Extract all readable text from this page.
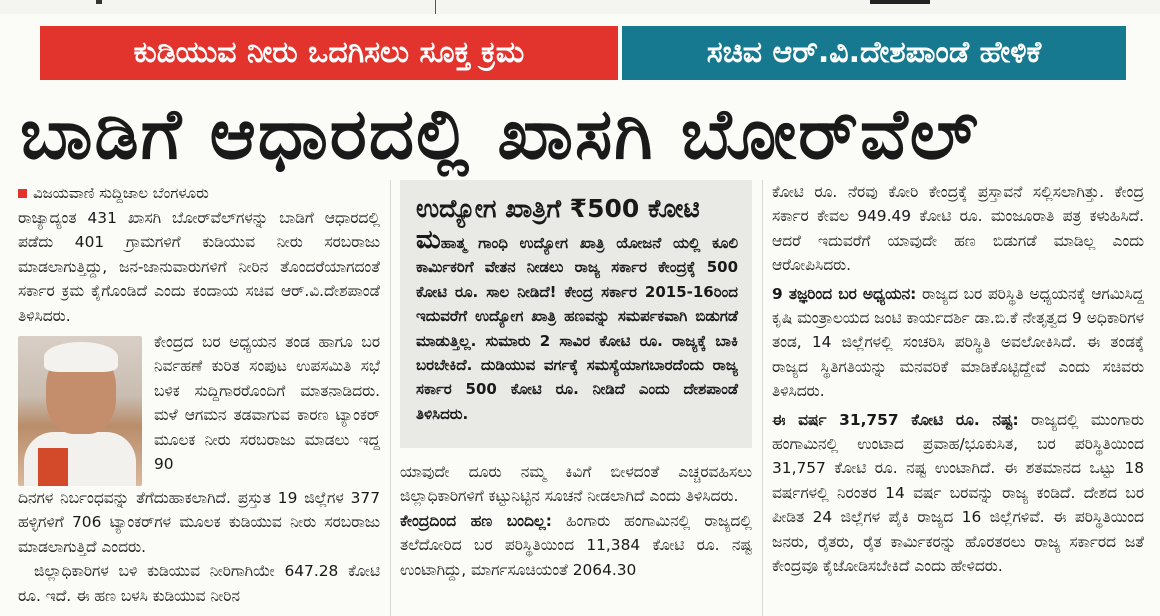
ಕುಡಿಯುವ ನೀರು ಒದಗಿಸಲು ಸೂಕ್ತ ಕ್ರಮ	ಸಚಿವ ಆರ್.ವಿ.ದೇಶಪಾಂಡೆ ಹೇಳಿಕೆ
ಬಾಡಿಗೆ ಆಧಾರದಲ್ಲಿ ಖಾಸಗಿ ಬೋರ್‌ವೆಲ್
ವಿಜಯವಾಣಿ ಸುದ್ದಿಜಾಲ ಬೆಂಗಳೂರು

ರಾಜ್ಯಾದ್ಯಂತ 431 ಖಾಸಗಿ ಬೋರ್‌ವೆಲ್‌ಗಳನ್ನು ಬಾಡಿಗೆ ಆಧಾರದಲ್ಲಿ ಪಡೆದು 401 ಗ್ರಾಮಗಳಿಗೆ ಕುಡಿಯುವ ನೀರು ಸರಬರಾಜು ಮಾಡಲಾಗುತ್ತಿದ್ದು, ಜನ-ಜಾನುವಾರುಗಳಿಗೆ ನೀರಿನ ತೊಂದರೆಯಾಗದಂತೆ ಸರ್ಕಾರ ಕ್ರಮ ಕೈಗೊಂಡಿದೆ ಎಂದು ಕಂದಾಯ ಸಚಿವ ಆರ್.ವಿ.ದೇಶಪಾಂಡೆ ತಿಳಿಸಿದರು.

ಕೇಂದ್ರದ ಬರ ಅಧ್ಯಯನ ತಂಡ ಹಾಗೂ ಬರ ನಿರ್ವಹಣೆ ಕುರಿತ ಸಂಪುಟ ಉಪಸಮಿತಿ ಸಭೆ ಬಳಿಕ ಸುದ್ದಿಗಾರರೊಂದಿಗೆ ಮಾತನಾಡಿದರು. ಮಳೆ ಆಗಮನ ತಡವಾಗುವ ಕಾರಣ ಟ್ಯಾಂಕರ್ ಮೂಲಕ ನೀರು ಸರಬರಾಜು ಮಾಡಲು ಇದ್ದ 90

ದಿನಗಳ ನಿರ್ಬಂಧವನ್ನು ತೆಗೆದುಹಾಕಲಾಗಿದೆ. ಪ್ರಸ್ತುತ 19 ಜಿಲ್ಲೆಗಳ 377 ಹಳ್ಳಿಗಳಿಗೆ 706 ಟ್ಯಾಂಕರ್‌ಗಳ ಮೂಲಕ ಕುಡಿಯುವ ನೀರು ಸರಬರಾಜು ಮಾಡಲಾಗುತ್ತಿದೆ ಎಂದರು.

ಜಿಲ್ಲಾಧಿಕಾರಿಗಳ ಬಳಿ ಕುಡಿಯುವ ನೀರಿಗಾಗಿಯೇ 647.28 ಕೋಟಿ ರೂ. ಇದೆ. ಈ ಹಣ ಬಳಸಿ ಕುಡಿಯುವ ನೀರಿನ

ಉದ್ಯೋಗ ಖಾತ್ರಿಗೆ ₹500 ಕೋಟಿ

ಮಹಾತ್ಮ ಗಾಂಧಿ ಉದ್ಯೋಗ ಖಾತ್ರಿ ಯೋಜನೆ ಯಲ್ಲಿ ಕೂಲಿ ಕಾರ್ಮಿಕರಿಗೆ ವೇತನ ನೀಡಲು ರಾಜ್ಯ ಸರ್ಕಾರ ಕೇಂದ್ರಕ್ಕೆ 500 ಕೋಟಿ ರೂ. ಸಾಲ ನೀಡಿದೆ! ಕೇಂದ್ರ ಸರ್ಕಾರ 2015-16ರಿಂದ ಇದುವರೆಗೆ ಉದ್ಯೋಗ ಖಾತ್ರಿ ಹಣವನ್ನು ಸಮರ್ಪಕವಾಗಿ ಬಿಡುಗಡೆ ಮಾಡುತ್ತಿಲ್ಲ. ಸುಮಾರು 2 ಸಾವಿರ ಕೋಟಿ ರೂ. ರಾಜ್ಯಕ್ಕೆ ಬಾಕಿ ಬರಬೇಕಿದೆ. ದುಡಿಯುವ ವರ್ಗಕ್ಕೆ ಸಮಸ್ಯೆಯಾಗಬಾರದೆಂದು ರಾಜ್ಯ ಸರ್ಕಾರ 500 ಕೋಟಿ ರೂ. ನೀಡಿದೆ ಎಂದು ದೇಶಪಾಂಡೆ ತಿಳಿಸಿದರು.

ಯಾವುದೇ ದೂರು ನಮ್ಮ ಕಿವಿಗೆ ಬೀಳದಂತೆ ಎಚ್ಚರವಹಿಸಲು ಜಿಲ್ಲಾಧಿಕಾರಿಗಳಿಗೆ ಕಟ್ಟುನಿಟ್ಟಿನ ಸೂಚನೆ ನೀಡಲಾಗಿದೆ ಎಂದು ತಿಳಿಸಿದರು.

ಕೇಂದ್ರದಿಂದ ಹಣ ಬಂದಿಲ್ಲ: ಹಿಂಗಾರು ಹಂಗಾಮಿನಲ್ಲಿ ರಾಜ್ಯದಲ್ಲಿ ತಲೆದೋರಿದ ಬರ ಪರಿಸ್ಥಿತಿಯಿಂದ 11,384 ಕೋಟಿ ರೂ. ನಷ್ಟ ಉಂಟಾಗಿದ್ದು, ಮಾರ್ಗಸೂಚಿಯಂತೆ 2064.30

ಕೋಟಿ ರೂ. ನೆರವು ಕೋರಿ ಕೇಂದ್ರಕ್ಕೆ ಪ್ರಸ್ತಾವನೆ ಸಲ್ಲಿಸಲಾಗಿತ್ತು. ಕೇಂದ್ರ ಸರ್ಕಾರ ಕೇವಲ 949.49 ಕೋಟಿ ರೂ. ಮಂಜೂರಾತಿ ಪತ್ರ ಕಳುಹಿಸಿದೆ. ಆದರೆ ಇದುವರೆಗೆ ಯಾವುದೇ ಹಣ ಬಿಡುಗಡೆ ಮಾಡಿಲ್ಲ ಎಂದು ಆರೋಪಿಸಿದರು.

9 ತಜ್ಞರಿಂದ ಬರ ಅಧ್ಯಯನ: ರಾಜ್ಯದ ಬರ ಪರಿಸ್ಥಿತಿ ಅಧ್ಯಯನಕ್ಕೆ ಆಗಮಿಸಿದ್ದ ಕೃಷಿ ಮಂತ್ರಾಲಯದ ಜಂಟಿ ಕಾರ್ಯದರ್ಶಿ ಡಾ.ಬಿ.ಕೆ ನೇತೃತ್ವದ 9 ಅಧಿಕಾರಿಗಳ ತಂಡ, 14 ಜಿಲ್ಲೆಗಳಲ್ಲಿ ಸಂಚರಿಸಿ ಪರಿಸ್ಥಿತಿ ಅವಲೋಕಿಸಿದೆ. ಈ ತಂಡಕ್ಕೆ ರಾಜ್ಯದ ಸ್ಥಿತಿಗತಿಯನ್ನು ಮನವರಿಕೆ ಮಾಡಿಕೊಟ್ಟಿದ್ದೇವೆ ಎಂದು ಸಚಿವರು ತಿಳಿಸಿದರು.

ಈ ವರ್ಷ 31,757 ಕೋಟಿ ರೂ. ನಷ್ಟ: ರಾಜ್ಯದಲ್ಲಿ ಮುಂಗಾರು ಹಂಗಾಮಿನಲ್ಲಿ ಉಂಟಾದ ಪ್ರವಾಹ/ಭೂಕುಸಿತ, ಬರ ಪರಿಸ್ಥಿತಿಯಿಂದ 31,757 ಕೋಟಿ ರೂ. ನಷ್ಟ ಉಂಟಾಗಿದೆ. ಈ ಶತಮಾನದ ಒಟ್ಟು 18 ವರ್ಷಗಳಲ್ಲಿ ನಿರಂತರ 14 ವರ್ಷ ಬರವನ್ನು ರಾಜ್ಯ ಕಂಡಿದೆ. ದೇಶದ ಬರ ಪೀಡಿತ 24 ಜಿಲ್ಲೆಗಳ ಪೈಕಿ ರಾಜ್ಯದ 16 ಜಿಲ್ಲೆಗಳಿವೆ. ಈ ಪರಿಸ್ಥಿತಿಯಿಂದ ಜನರು, ರೈತರು, ರೈತ ಕಾರ್ಮಿಕರನ್ನು ಹೊರತರಲು ರಾಜ್ಯ ಸರ್ಕಾರದ ಜತೆ ಕೇಂದ್ರವೂ ಕೈಜೋಡಿಸಬೇಕಿದೆ ಎಂದು ಹೇಳಿದರು.
